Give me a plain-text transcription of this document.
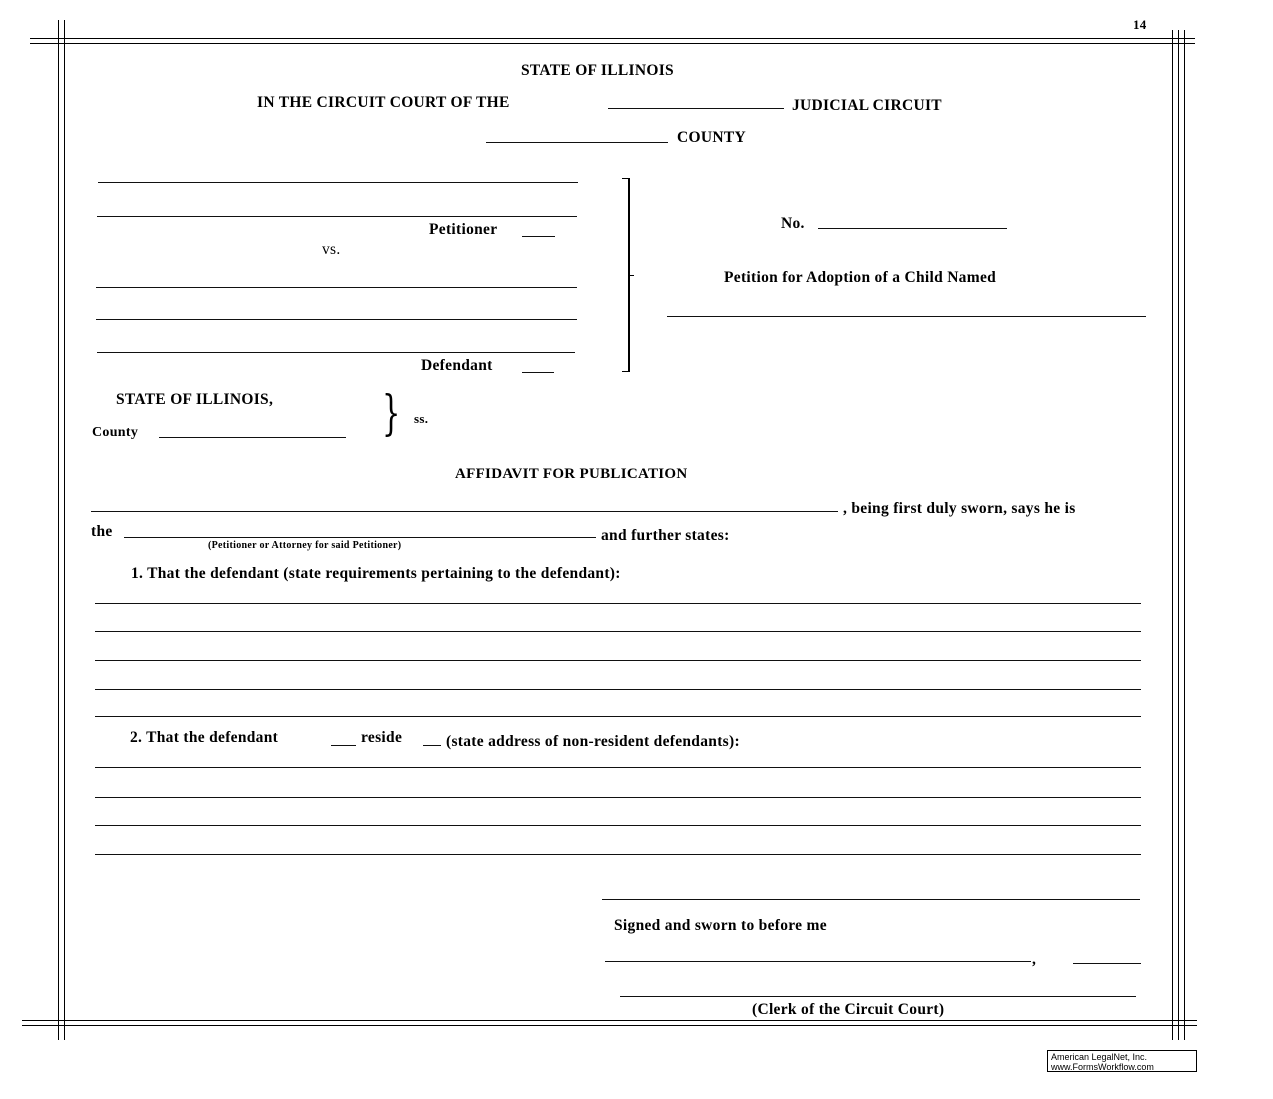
14
STATE OF ILLINOIS
IN THE CIRCUIT COURT OF THE	JUDICIAL CIRCUIT
COUNTY
Petitioner
vs.
Defendant
No.
Petition for Adoption of a Child Named
STATE OF ILLINOIS,
County	} ss.
AFFIDAVIT FOR PUBLICATION
, being first duly sworn, says he is
the
(Petitioner or Attorney for said Petitioner)
and further states:
1. That the defendant (state requirements pertaining to the defendant):
2. That the defendant	reside	(state address of non-resident defendants):
Signed and sworn to before me
,
(Clerk of the Circuit Court)
American LegalNet, Inc.
www.FormsWorkflow.com
